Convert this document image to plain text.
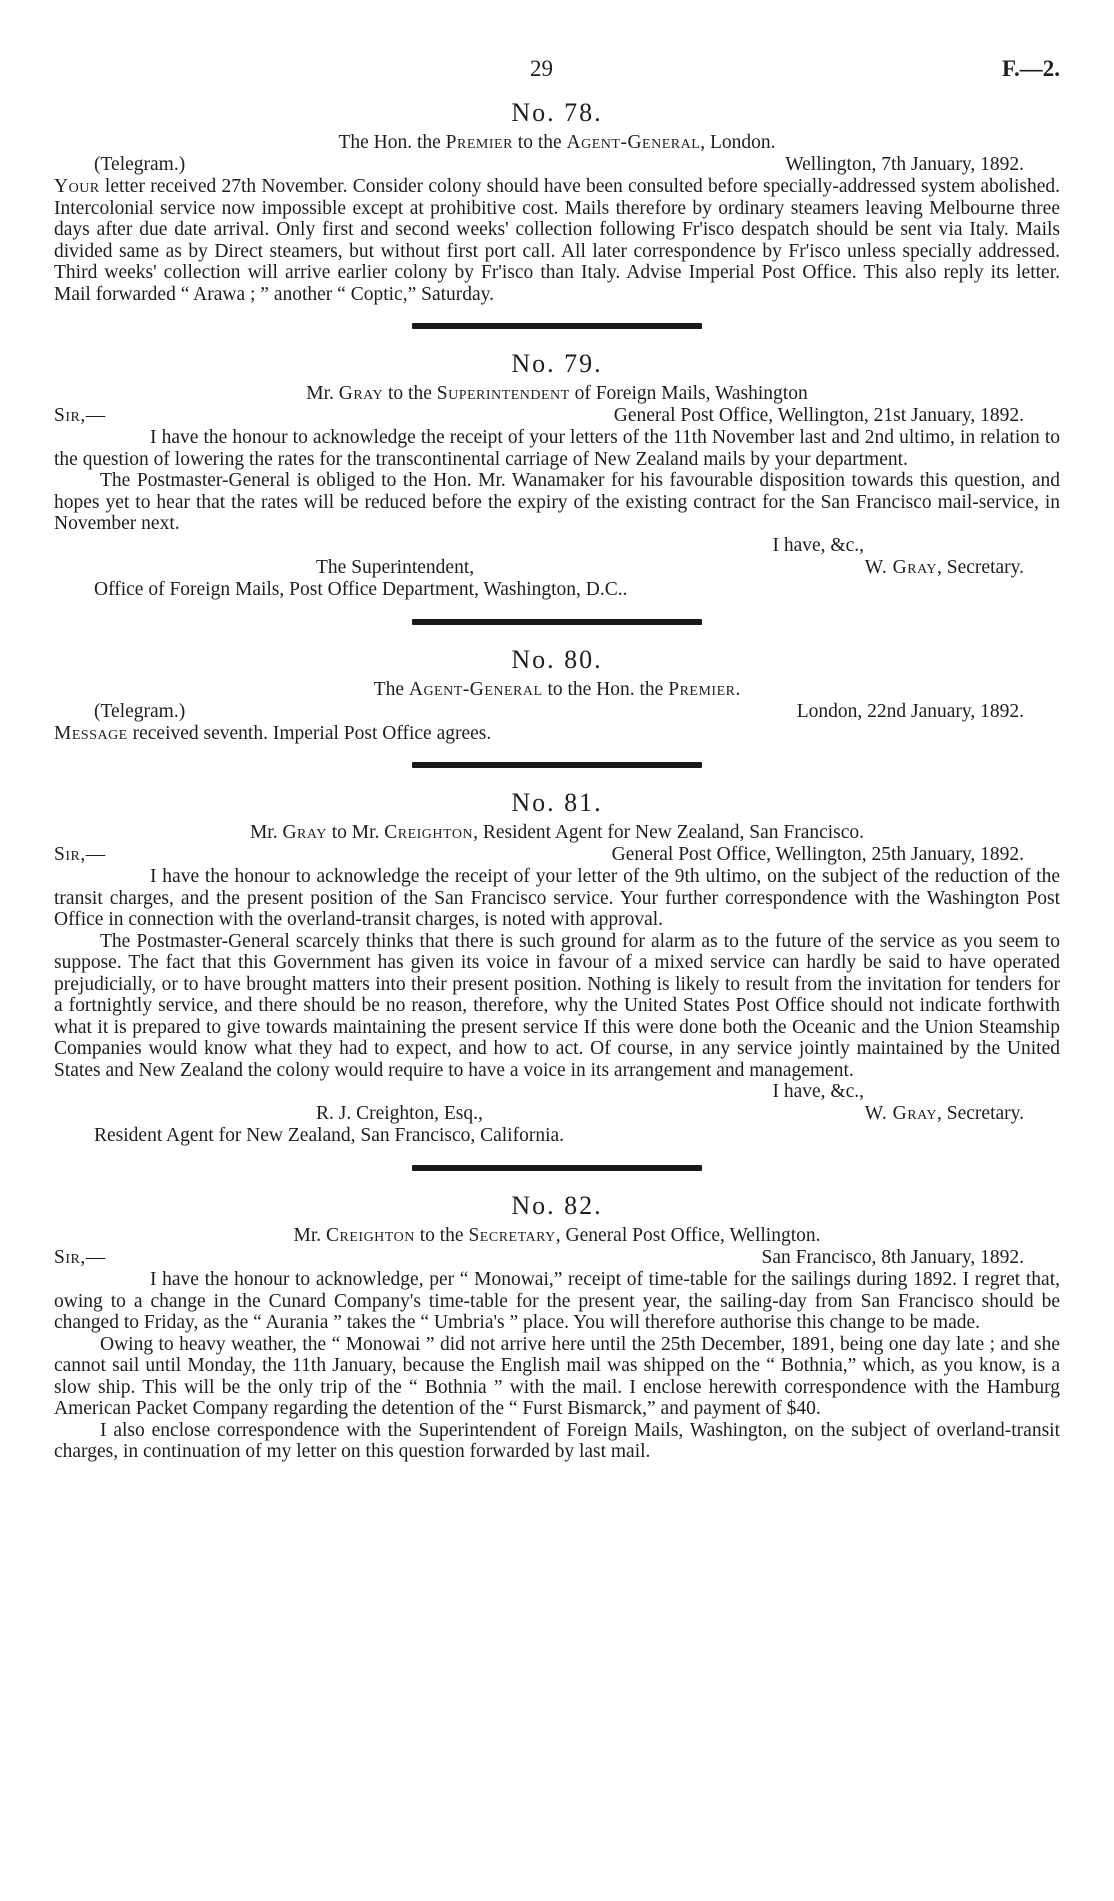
29	F.—2.
No. 78.
The Hon. the Premier to the Agent-General, London.
(Telegram.)	Wellington, 7th January, 1892.

Your letter received 27th November. Consider colony should have been consulted before specially-addressed system abolished. Intercolonial service now impossible except at prohibitive cost. Mails therefore by ordinary steamers leaving Melbourne three days after due date arrival. Only first and second weeks' collection following Fr'isco despatch should be sent via Italy. Mails divided same as by Direct steamers, but without first port call. All later correspondence by Fr'isco unless specially addressed. Third weeks' collection will arrive earlier colony by Fr'isco than Italy. Advise Imperial Post Office. This also reply its letter. Mail forwarded “ Arawa ; ” another “ Coptic,” Saturday.

No. 79.
Mr. Gray to the Superintendent of Foreign Mails, Washington
Sir,—	General Post Office, Wellington, 21st January, 1892.

I have the honour to acknowledge the receipt of your letters of the 11th November last and 2nd ultimo, in relation to the question of lowering the rates for the transcontinental carriage of New Zealand mails by your department.

The Postmaster-General is obliged to the Hon. Mr. Wanamaker for his favourable disposition towards this question, and hopes yet to hear that the rates will be reduced before the expiry of the existing contract for the San Francisco mail-service, in November next.

I have, &c.,
The Superintendent,	W. Gray, Secretary.
Office of Foreign Mails, Post Office Department, Washington, D.C..
No. 80.
The Agent-General to the Hon. the Premier.
(Telegram.)	London, 22nd January, 1892.

Message received seventh. Imperial Post Office agrees.

No. 81.
Mr. Gray to Mr. Creighton, Resident Agent for New Zealand, San Francisco.
Sir,—	General Post Office, Wellington, 25th January, 1892.

I have the honour to acknowledge the receipt of your letter of the 9th ultimo, on the subject of the reduction of the transit charges, and the present position of the San Francisco service. Your further correspondence with the Washington Post Office in connection with the overland-transit charges, is noted with approval.

The Postmaster-General scarcely thinks that there is such ground for alarm as to the future of the service as you seem to suppose. The fact that this Government has given its voice in favour of a mixed service can hardly be said to have operated prejudicially, or to have brought matters into their present position. Nothing is likely to result from the invitation for tenders for a fortnightly service, and there should be no reason, therefore, why the United States Post Office should not indicate forthwith what it is prepared to give towards maintaining the present service If this were done both the Oceanic and the Union Steamship Companies would know what they had to expect, and how to act. Of course, in any service jointly maintained by the United States and New Zealand the colony would require to have a voice in its arrangement and management.

I have, &c.,
R. J. Creighton, Esq.,	W. Gray, Secretary.
Resident Agent for New Zealand, San Francisco, California.
No. 82.
Mr. Creighton to the Secretary, General Post Office, Wellington.
Sir,—	San Francisco, 8th January, 1892.

I have the honour to acknowledge, per “ Monowai,” receipt of time-table for the sailings during 1892. I regret that, owing to a change in the Cunard Company's time-table for the present year, the sailing-day from San Francisco should be changed to Friday, as the “ Aurania ” takes the “ Umbria's ” place. You will therefore authorise this change to be made.

Owing to heavy weather, the “ Monowai ” did not arrive here until the 25th December, 1891, being one day late ; and she cannot sail until Monday, the 11th January, because the English mail was shipped on the “ Bothnia,” which, as you know, is a slow ship. This will be the only trip of the “ Bothnia ” with the mail. I enclose herewith correspondence with the Hamburg American Packet Company regarding the detention of the “ Furst Bismarck,” and payment of $40.

I also enclose correspondence with the Superintendent of Foreign Mails, Washington, on the subject of overland-transit charges, in continuation of my letter on this question forwarded by last mail.
